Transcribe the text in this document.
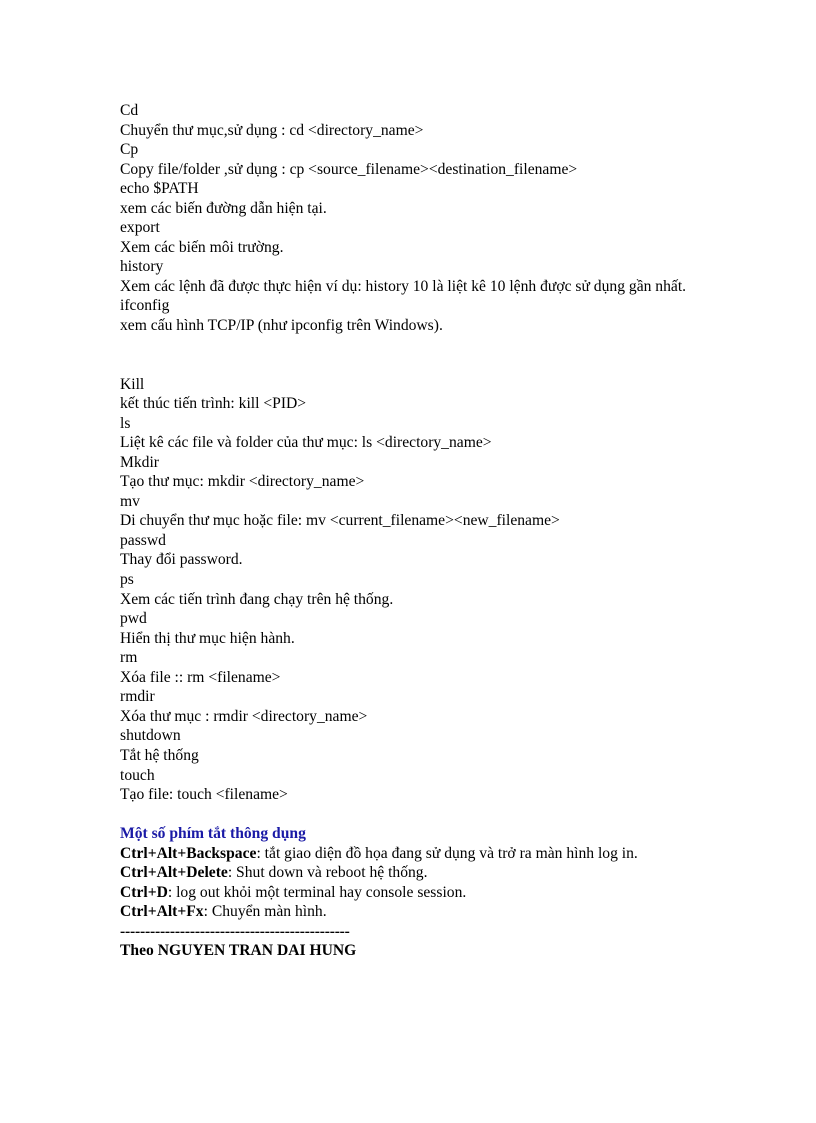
Cd
Chuyển thư mục,sử dụng : cd <directory_name>
Cp
Copy file/folder ,sử dụng : cp <source_filename><destination_filename>
echo $PATH
xem các biến đường dẫn hiện tại.
export
Xem các biến môi trường.
history
Xem các lệnh đã được thực hiện ví dụ: history 10 là liệt kê 10 lệnh được sử dụng gần nhất.
ifconfig
xem cấu hình TCP/IP (như ipconfig trên Windows).
Kill
kết thúc tiến trình: kill <PID>
ls
Liệt kê các file và folder của thư mục: ls <directory_name>
Mkdir
Tạo thư mục: mkdir <directory_name>
mv
Di chuyển thư mục hoặc file: mv <current_filename><new_filename>
passwd
Thay đổi password.
ps
Xem các tiến trình đang chạy trên hệ thống.
pwd
Hiển thị thư mục hiện hành.
rm
Xóa file :: rm <filename>
rmdir
Xóa thư mục : rmdir <directory_name>
shutdown
Tắt hệ thống
touch
Tạo file: touch <filename>
Một số phím tắt thông dụng
Ctrl+Alt+Backspace: tắt giao diện đồ họa đang sử dụng và trở ra màn hình log in.
Ctrl+Alt+Delete: Shut down và reboot hệ thống.
Ctrl+D: log out khỏi một terminal hay console session.
Ctrl+Alt+Fx: Chuyển màn hình.
----------------------------------------------
Theo NGUYEN TRAN DAI HUNG
